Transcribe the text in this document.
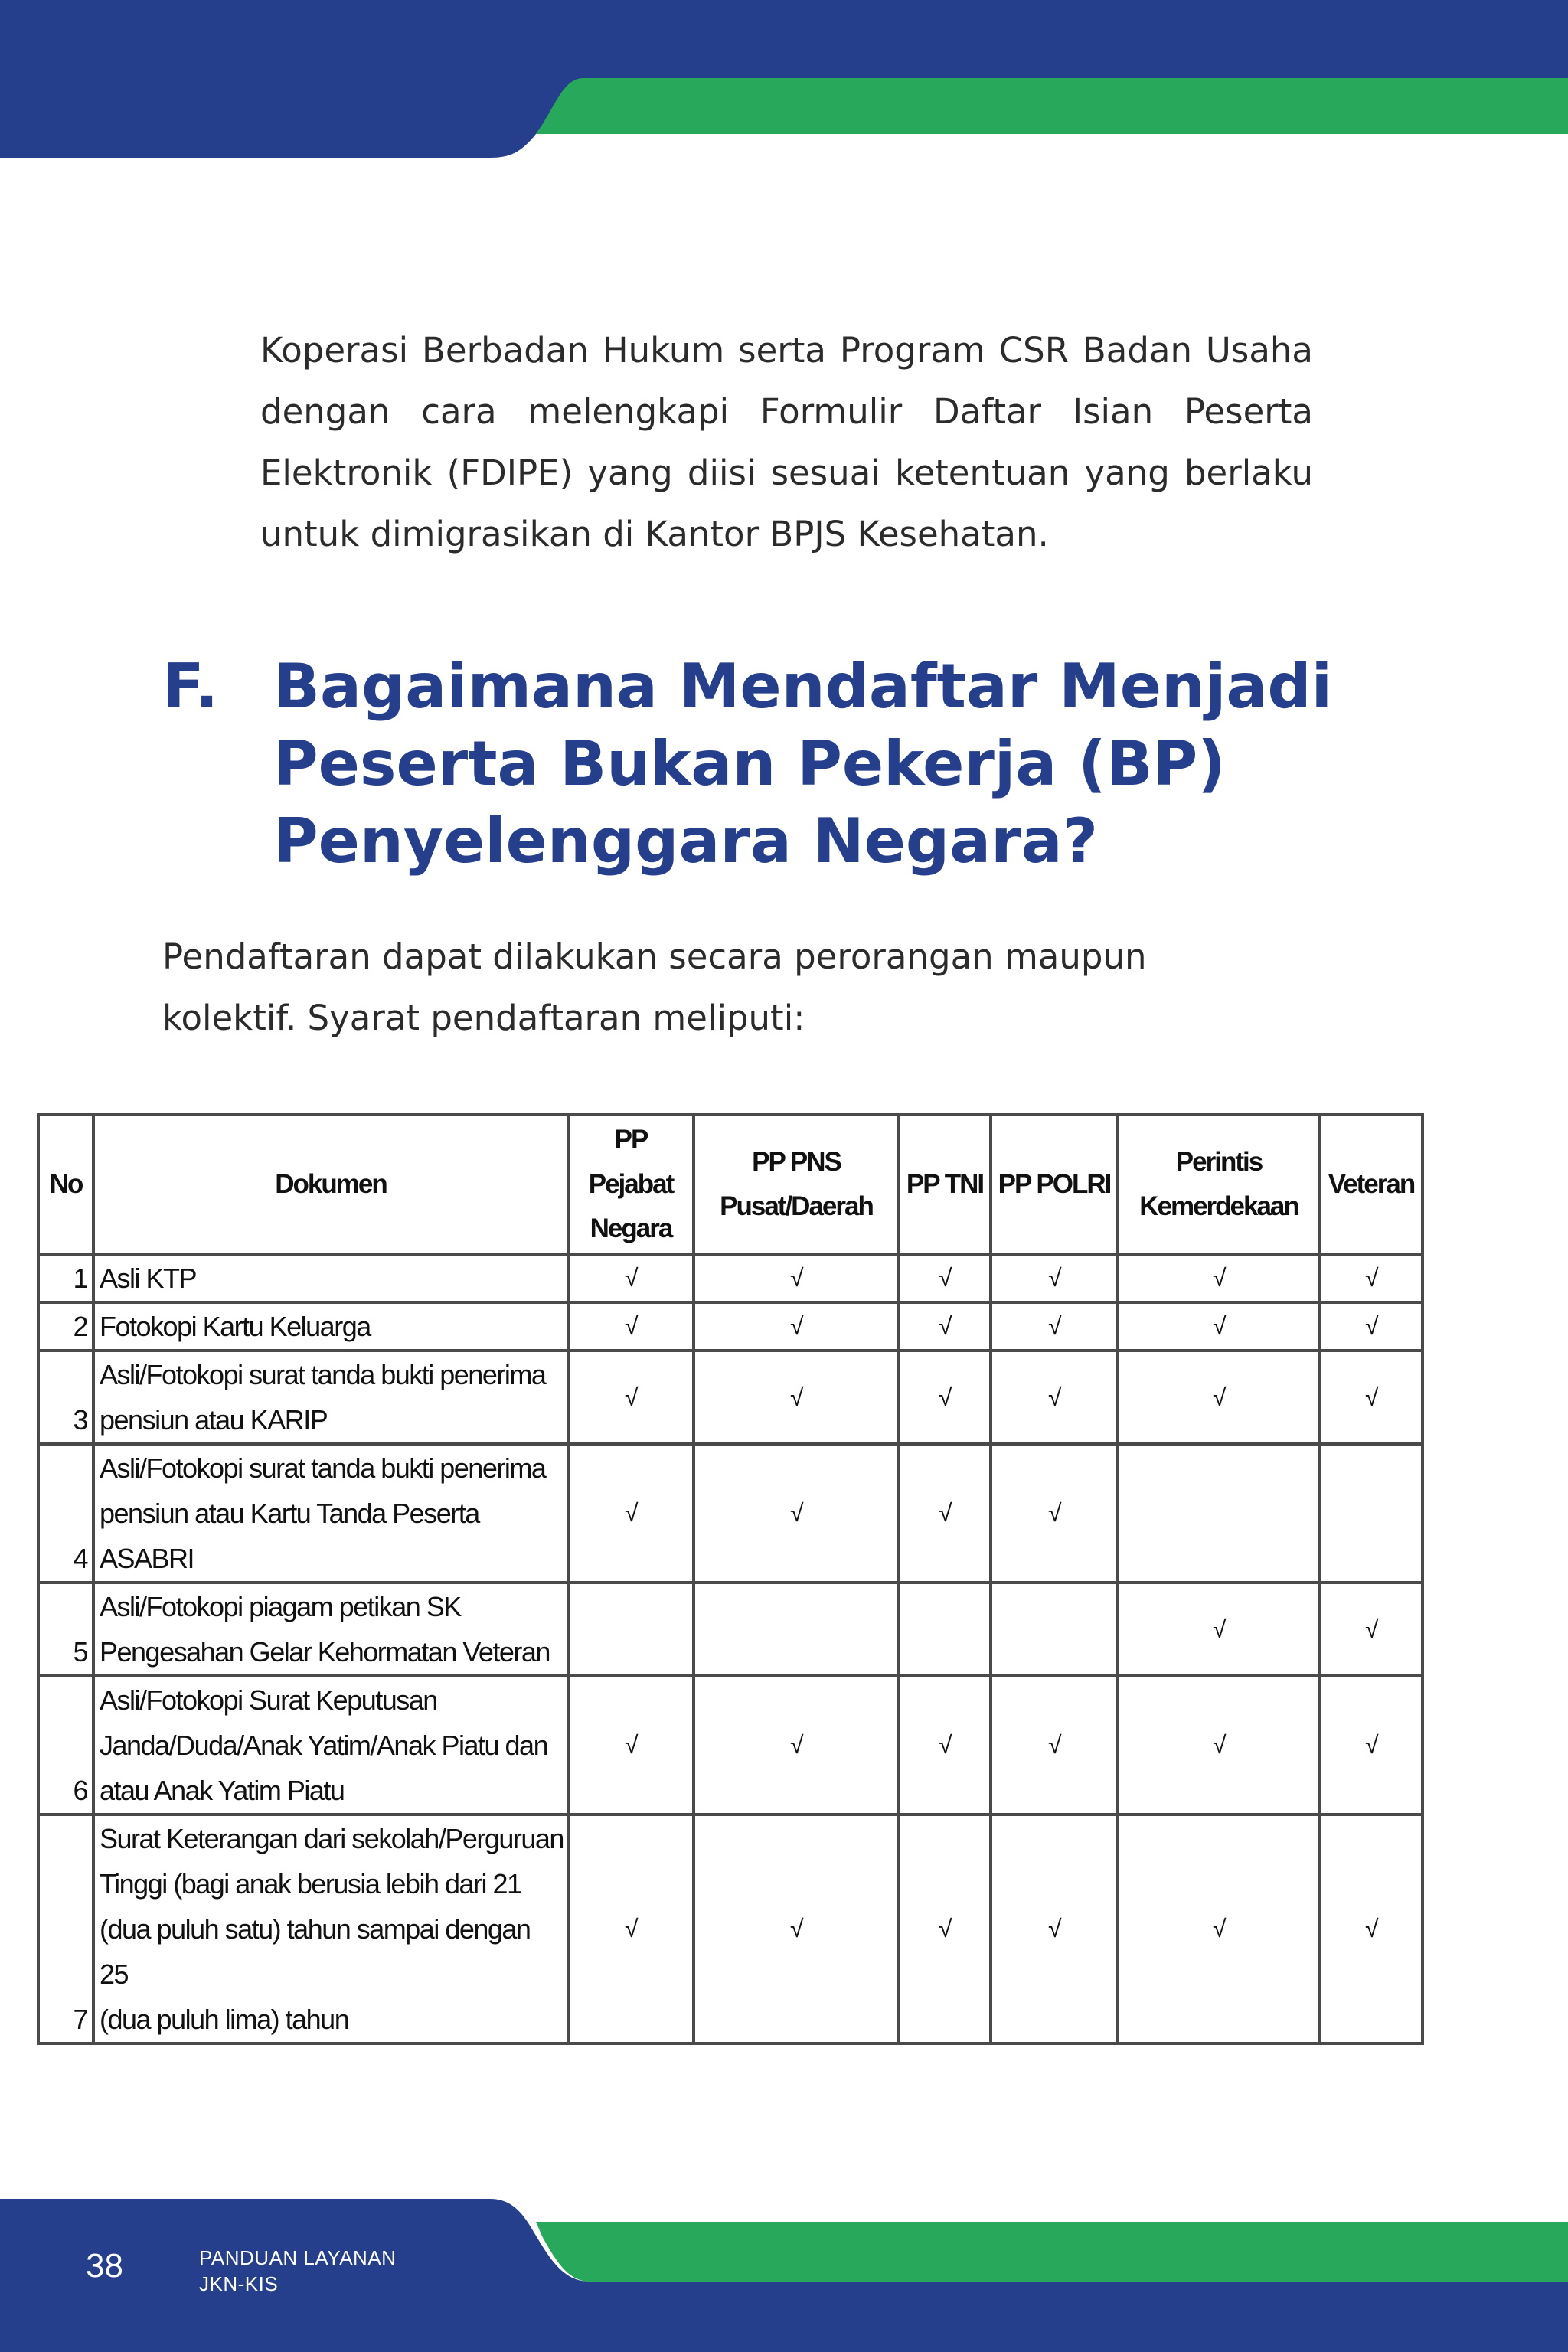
Koperasi Berbadan Hukum serta Program CSR Badan Usaha dengan cara melengkapi Formulir Daftar Isian Peserta Elektronik (FDIPE) yang diisi sesuai ketentuan yang berlaku untuk dimigrasikan di Kantor BPJS Kesehatan.

F. Bagaimana Mendaftar Menjadi
Peserta Bukan Pekerja (BP)
Penyelenggara Negara?

Pendaftaran dapat dilakukan secara perorangan maupun
kolektif. Syarat pendaftaran meliputi:

No	Dokumen	PP
Pejabat
Negara	PP PNS
Pusat/Daerah	PP TNI	PP POLRI	Perintis
Kemerdekaan	Veteran
1	Asli KTP	√	√	√	√	√	√
2	Fotokopi Kartu Keluarga	√	√	√	√	√	√
3	Asli/Fotokopi surat tanda bukti penerima
pensiun atau KARIP	√	√	√	√	√	√
4	Asli/Fotokopi surat tanda bukti penerima
pensiun atau Kartu Tanda Peserta
ASABRI	√	√	√	√		
5	Asli/Fotokopi piagam petikan SK
Pengesahan Gelar Kehormatan Veteran					√	√
6	Asli/Fotokopi Surat Keputusan
Janda/Duda/Anak Yatim/Anak Piatu dan
atau Anak Yatim Piatu	√	√	√	√	√	√
7	Surat Keterangan dari sekolah/Perguruan
Tinggi (bagi anak berusia lebih dari 21
(dua puluh satu) tahun sampai dengan 25
(dua puluh lima) tahun	√	√	√	√	√	√
38	PANDUAN LAYANAN
JKN-KIS
